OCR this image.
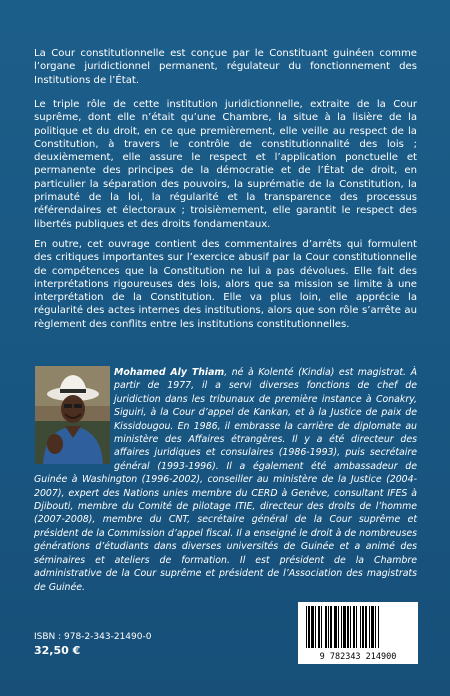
La Cour constitutionnelle est conçue par le Constituant guinéen comme l’organe juridictionnel permanent, régulateur du fonctionnement des Institutions de l’État.

Le triple rôle de cette institution juridictionnelle, extraite de la Cour suprême, dont elle n’était qu’une Chambre, la situe à la lisière de la politique et du droit, en ce que premièrement, elle veille au respect de la Constitution, à travers le contrôle de constitutionnalité des lois ; deuxièmement, elle assure le respect et l’application ponctuelle et permanente des principes de la démocratie et de l’État de droit, en particulier la séparation des pouvoirs, la suprématie de la Constitution, la primauté de la loi, la régularité et la transparence des processus référendaires et électoraux ; troisièmement, elle garantit le respect des libertés publiques et des droits fondamentaux.

En outre, cet ouvrage contient des commentaires d’arrêts qui formulent des critiques importantes sur l’exercice abusif par la Cour constitutionnelle de compétences que la Constitution ne lui a pas dévolues. Elle fait des interprétations rigoureuses des lois, alors que sa mission se limite à une interprétation de la Constitution. Elle va plus loin, elle apprécie la régularité des actes internes des institutions, alors que son rôle s’arrête au règlement des conflits entre les institutions constitutionnelles.

Mohamed Aly Thiam, né à Kolenté (Kindia) est magistrat. À partir de 1977, il a servi diverses fonctions de chef de juridiction dans les tribunaux de première instance à Conakry, Siguiri, à la Cour d’appel de Kankan, et à la Justice de paix de Kissidougou. En 1986, il embrasse la carrière de diplomate au ministère des Affaires étrangères. Il y a été directeur des affaires juridiques et consulaires (1986-1993), puis secrétaire général (1993-1996). Il a également été ambassadeur de Guinée à Washington (1996-2002), conseiller au ministère de la Justice (2004-2007), expert des Nations unies membre du CERD à Genève, consultant IFES à Djibouti, membre du Comité de pilotage ITIE, directeur des droits de l’homme (2007-2008), membre du CNT, secrétaire général de la Cour suprême et président de la Commission d’appel fiscal. Il a enseigné le droit à de nombreuses générations d’étudiants dans diverses universités de Guinée et a animé des séminaires et ateliers de formation. Il est président de la Chambre administrative de la Cour suprême et président de l’Association des magistrats de Guinée.

ISBN : 978-2-343-21490-0
32,50 €	9 782343 214900
